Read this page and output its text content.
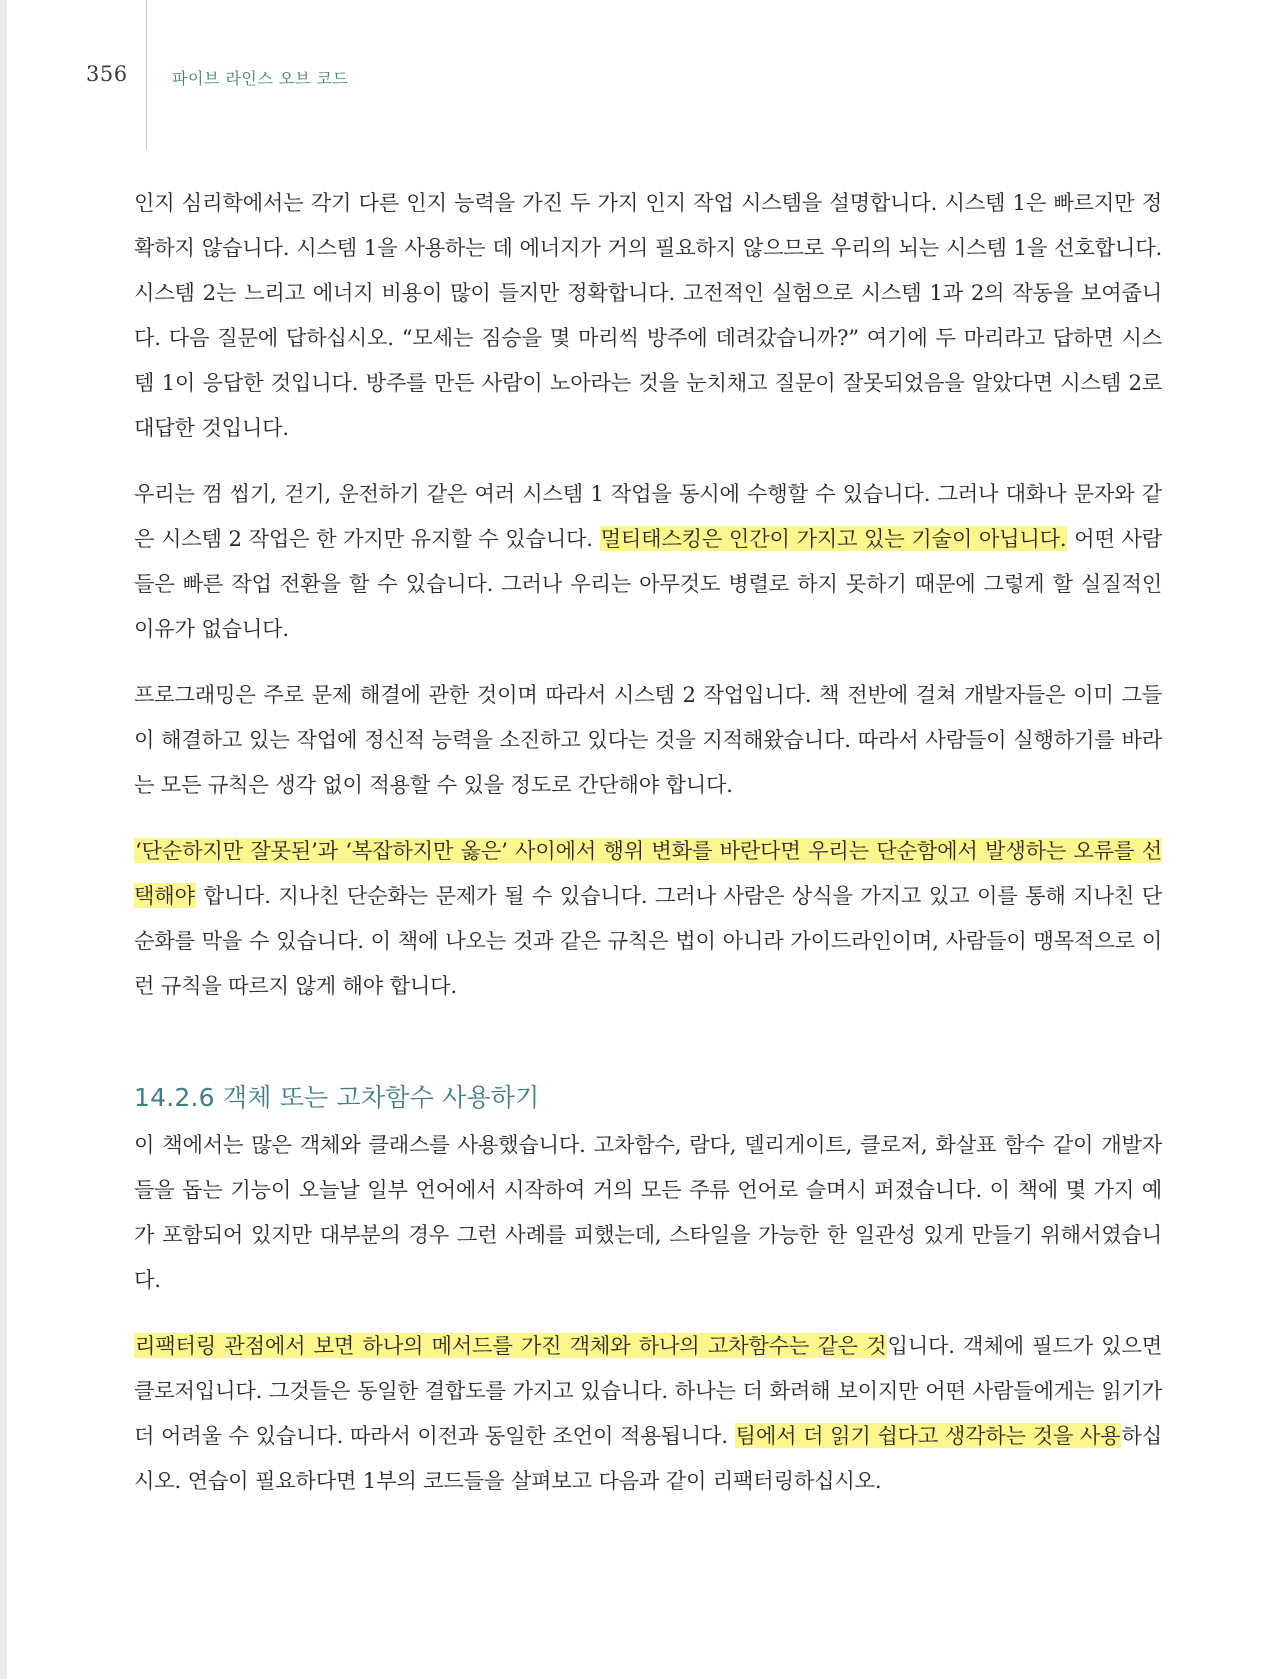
356	파이브 라인스 오브 코드

인지 심리학에서는 각기 다른 인지 능력을 가진 두 가지 인지 작업 시스템을 설명합니다. 시스템 1은 빠르지만 정확하지 않습니다. 시스템 1을 사용하는 데 에너지가 거의 필요하지 않으므로 우리의 뇌는 시스템 1을 선호합니다. 시스템 2는 느리고 에너지 비용이 많이 들지만 정확합니다. 고전적인 실험으로 시스템 1과 2의 작동을 보여줍니다. 다음 질문에 답하십시오. “모세는 짐승을 몇 마리씩 방주에 데려갔습니까?” 여기에 두 마리라고 답하면 시스템 1이 응답한 것입니다. 방주를 만든 사람이 노아라는 것을 눈치채고 질문이 잘못되었음을 알았다면 시스템 2로 대답한 것입니다.

우리는 껌 씹기, 걷기, 운전하기 같은 여러 시스템 1 작업을 동시에 수행할 수 있습니다. 그러나 대화나 문자와 같은 시스템 2 작업은 한 가지만 유지할 수 있습니다. 멀티태스킹은 인간이 가지고 있는 기술이 아닙니다. 어떤 사람들은 빠른 작업 전환을 할 수 있습니다. 그러나 우리는 아무것도 병렬로 하지 못하기 때문에 그렇게 할 실질적인 이유가 없습니다.

프로그래밍은 주로 문제 해결에 관한 것이며 따라서 시스템 2 작업입니다. 책 전반에 걸쳐 개발자들은 이미 그들이 해결하고 있는 작업에 정신적 능력을 소진하고 있다는 것을 지적해왔습니다. 따라서 사람들이 실행하기를 바라는 모든 규칙은 생각 없이 적용할 수 있을 정도로 간단해야 합니다.

‘단순하지만 잘못된’과 ‘복잡하지만 옳은’ 사이에서 행위 변화를 바란다면 우리는 단순함에서 발생하는 오류를 선택해야 합니다. 지나친 단순화는 문제가 될 수 있습니다. 그러나 사람은 상식을 가지고 있고 이를 통해 지나친 단순화를 막을 수 있습니다. 이 책에 나오는 것과 같은 규칙은 법이 아니라 가이드라인이며, 사람들이 맹목적으로 이런 규칙을 따르지 않게 해야 합니다.

14.2.6 객체 또는 고차함수 사용하기

이 책에서는 많은 객체와 클래스를 사용했습니다. 고차함수, 람다, 델리게이트, 클로저, 화살표 함수 같이 개발자들을 돕는 기능이 오늘날 일부 언어에서 시작하여 거의 모든 주류 언어로 슬며시 퍼졌습니다. 이 책에 몇 가지 예가 포함되어 있지만 대부분의 경우 그런 사례를 피했는데, 스타일을 가능한 한 일관성 있게 만들기 위해서였습니다.

리팩터링 관점에서 보면 하나의 메서드를 가진 객체와 하나의 고차함수는 같은 것입니다. 객체에 필드가 있으면 클로저입니다. 그것들은 동일한 결합도를 가지고 있습니다. 하나는 더 화려해 보이지만 어떤 사람들에게는 읽기가 더 어려울 수 있습니다. 따라서 이전과 동일한 조언이 적용됩니다. 팀에서 더 읽기 쉽다고 생각하는 것을 사용하십시오. 연습이 필요하다면 1부의 코드들을 살펴보고 다음과 같이 리팩터링하십시오.
